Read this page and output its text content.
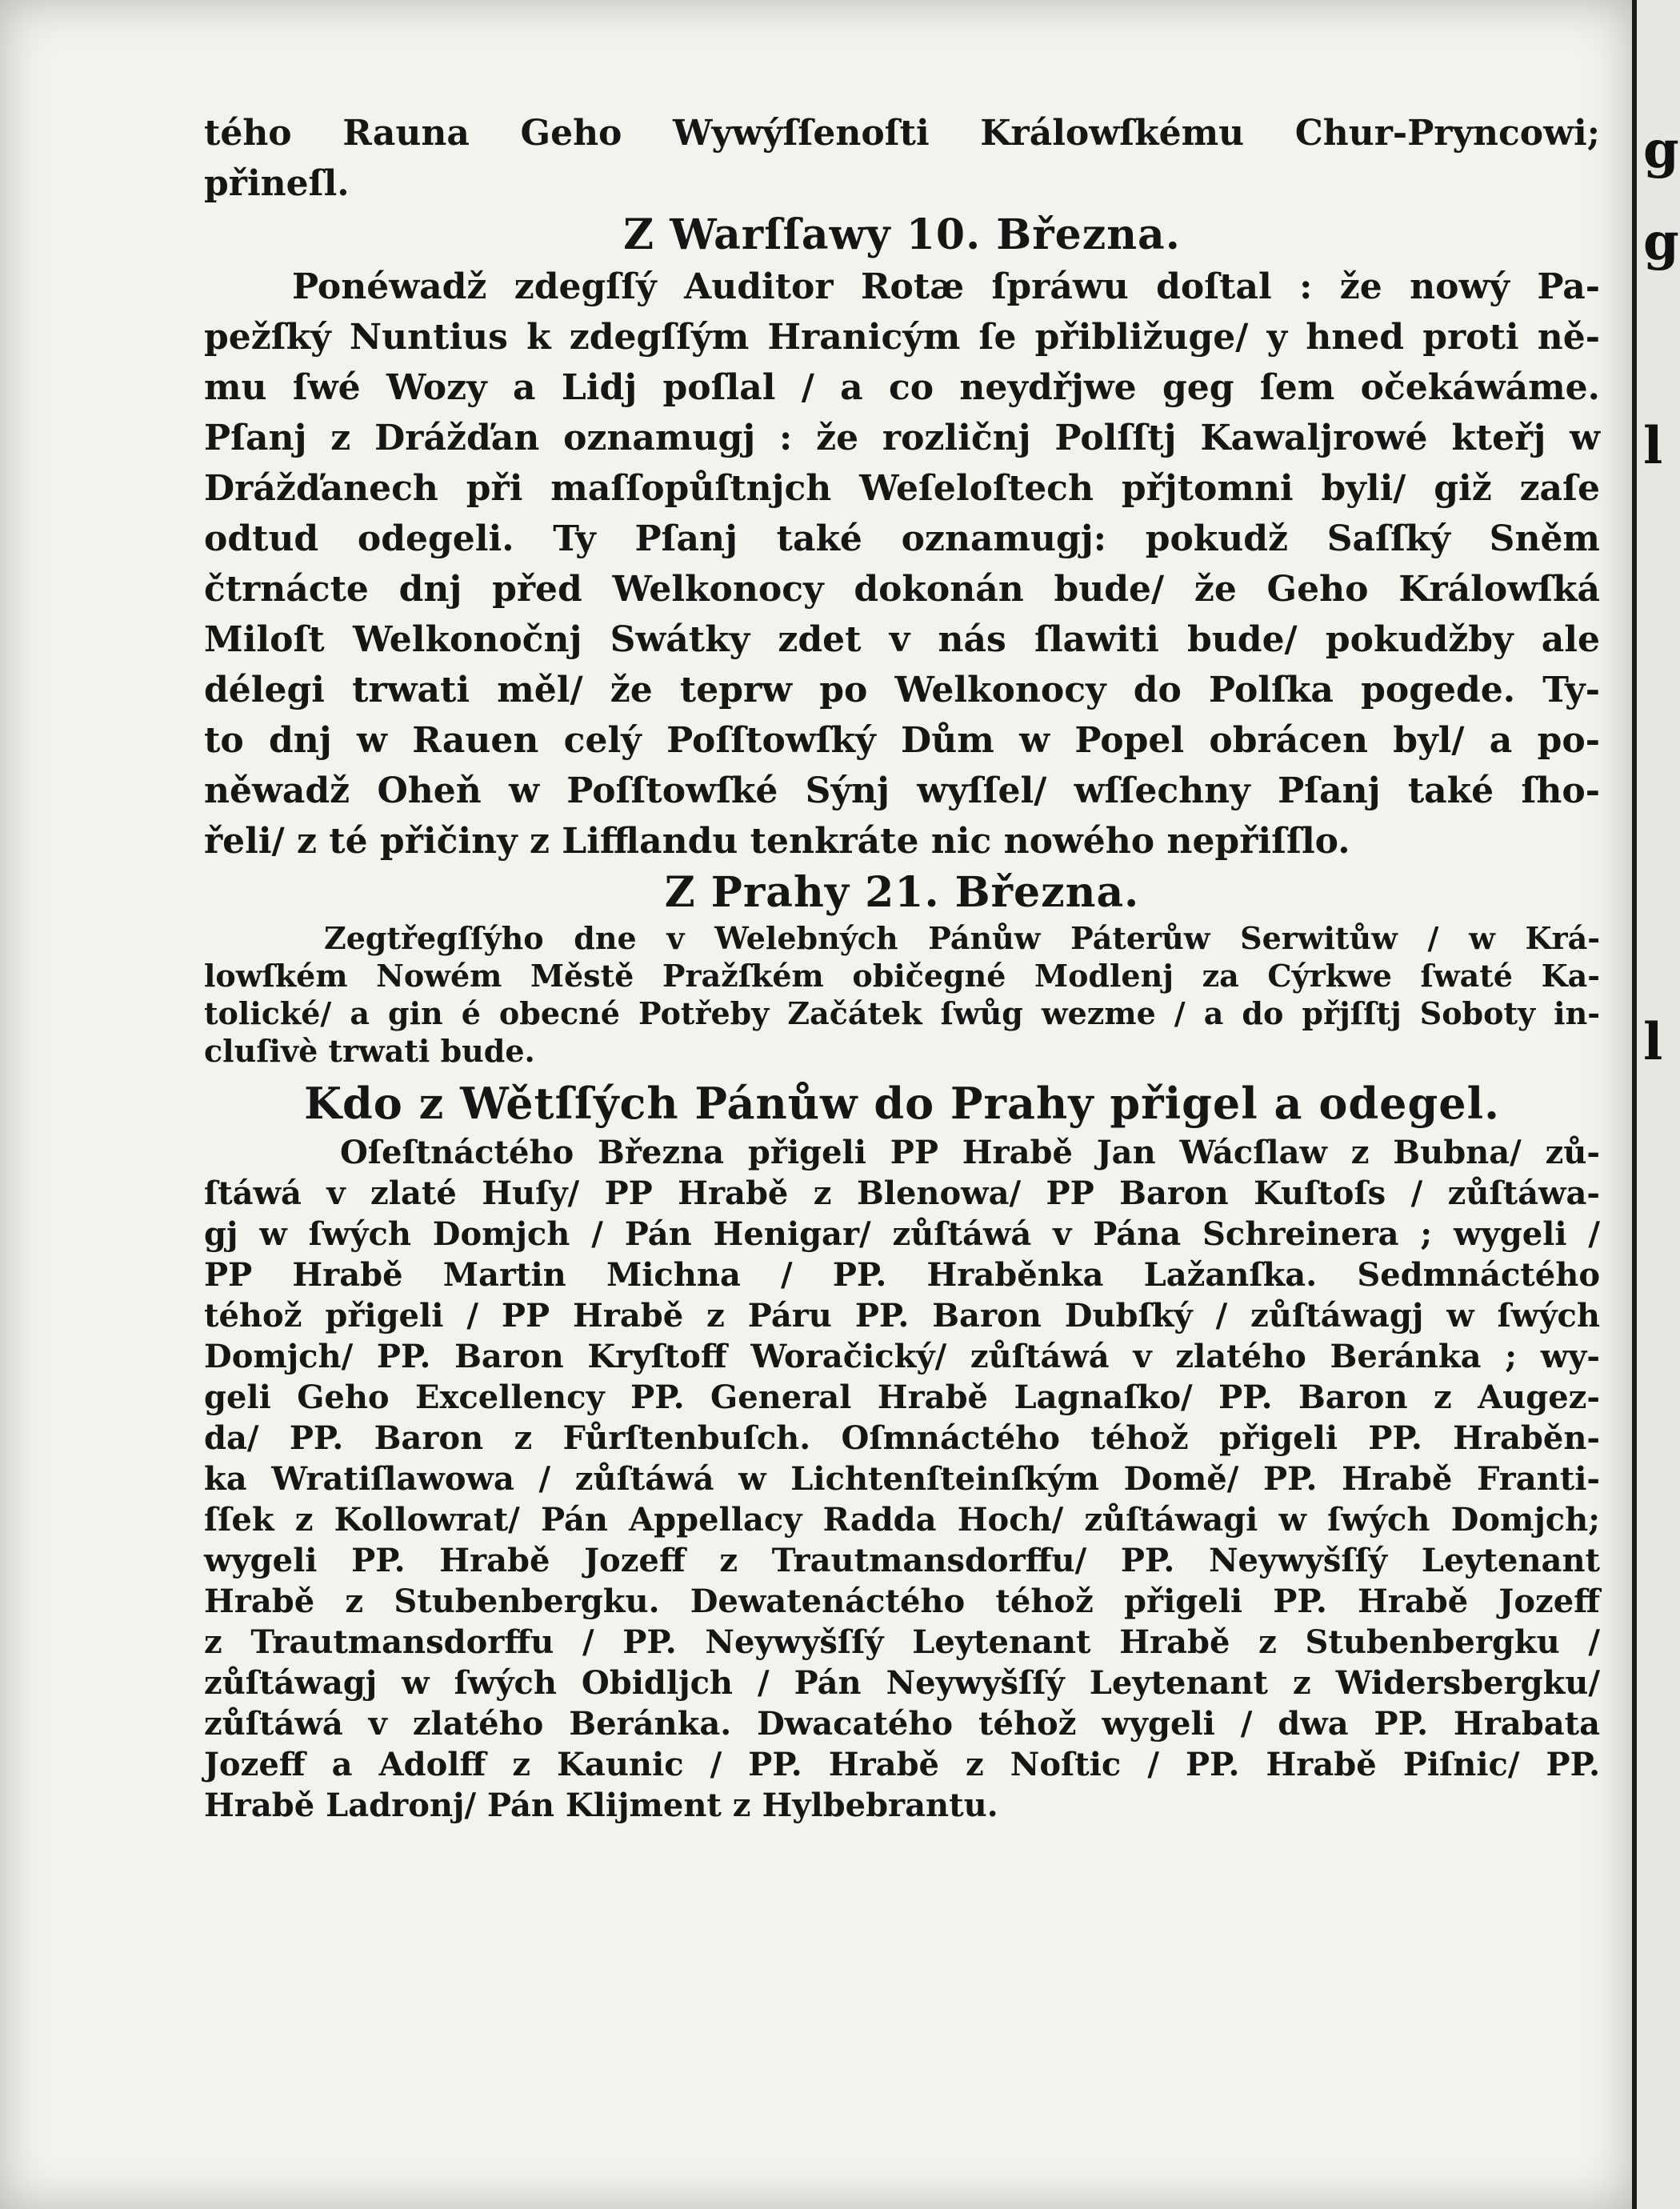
tého Rauna Geho Wywýſſenoſti Králowſkému Chur-Pryncowi;
přineſl.
Z Warſſawy 10. Březnа.
Ponéwadž zdegſſý Auditor Rotæ ſpráwu doſtal : že nowý Pa-
pežſký Nuntius k zdegſſým Hranicým ſe přibližuge/ y hned proti ně-
mu ſwé Wozy a Lidj poſlal / a co neydřjwe geg ſem očekáwáme.
Pſanj z Drážďan oznamugj : že rozličnj Polſſtj Kawaljrowé kteřj w
Drážďanech při maſſopůſtnjch Weſeloſtech přjtomni byli/ giž zaſe
odtud odegeli. Ty Pſanj také oznamugj: pokudž Saſſký Sněm
čtrnácte dnj před Welkonocy dokonán bude/ že Geho Králowſká
Miloſt Welkonočnj Swátky zdet v nás ſlawiti bude/ pokudžby ale
délegi trwati měl/ že teprw po Welkonocy do Polſka pogede. Ty-
to dnj w Rauen celý Poſſtowſký Dům w Popel obrácen byl/ a po-
něwadž Oheň w Poſſtowſké Sýnj wyſſel/ wſſechny Pſanj také ſho-
řeli/ z té přičiny z Lifflandu tenkráte nic nowého nepřiſſlo.
Z Prahy 21. Březnа.
Zegtřegſſýho dne v Welebných Pánůw Páterůw Serwitůw / w Krá-
lowſkém Nowém Městě Pražſkém običegné Modlenj za Cýrkwe ſwaté Ka-
tolické/ a gin é obecné Potřeby Začátek ſwůg wezme / a do přjſſtj Soboty in-
cluſivè trwati bude.
Kdo z Wětſſých Pánůw do Prahy přigel a odegel.
Oſeſtnáctého Března přigeli PP Hrabě Jan Wácſlaw z Bubna/ zů-
ſtáwá v zlaté Huſy/ PP Hrabě z Blenowa/ PP Baron Kuſtoſs / zůſtáwa-
gj w ſwých Domjch / Pán Henigar/ zůſtáwá v Pána Schreinera ; wygeli /
PP Hrabě Martin Michna / PP. Hraběnka Lažanſka. Sedmnáctého
téhož přigeli / PP Hrabě z Páru PP. Baron Dubſký / zůſtáwagj w ſwých
Domjch/ PP. Baron Kryſtoff Woračický/ zůſtáwá v zlatého Beránka ; wy-
geli Geho Excellency PP. General Hrabě Lagnaſko/ PP. Baron z Augez-
da/ PP. Baron z Fůrſtenbuſch. Oſmnáctého téhož přigeli PP. Hraběn-
ka Wratiſlawowa / zůſtáwá w Lichtenſteinſkým Domě/ PP. Hrabě Franti-
ſſek z Kollowrat/ Pán Appellacy Radda Hoch/ zůſtáwagi w ſwých Domjch;
wygeli PP. Hrabě Jozeff z Trautmansdorffu/ PP. Neywyšſſý Leytenant
Hrabě z Stubenbergku. Dewatenáctého téhož přigeli PP. Hrabě Jozeff
z Trautmansdorffu / PP. Neywyšſſý Leytenant Hrabě z Stubenbergku /
zůſtáwagj w ſwých Obidljch / Pán Neywyšſſý Leytenant z Widersbergku/
zůſtáwá v zlatého Beránka. Dwacatého téhož wygeli / dwa PP. Hrabata
Jozeff a Adolff z Kaunic / PP. Hrabě z Noſtic / PP. Hrabě Piſnic/ PP.
Hrabě Ladronj/ Pán Klijment z Hylbebrantu.
g
g
l
l
